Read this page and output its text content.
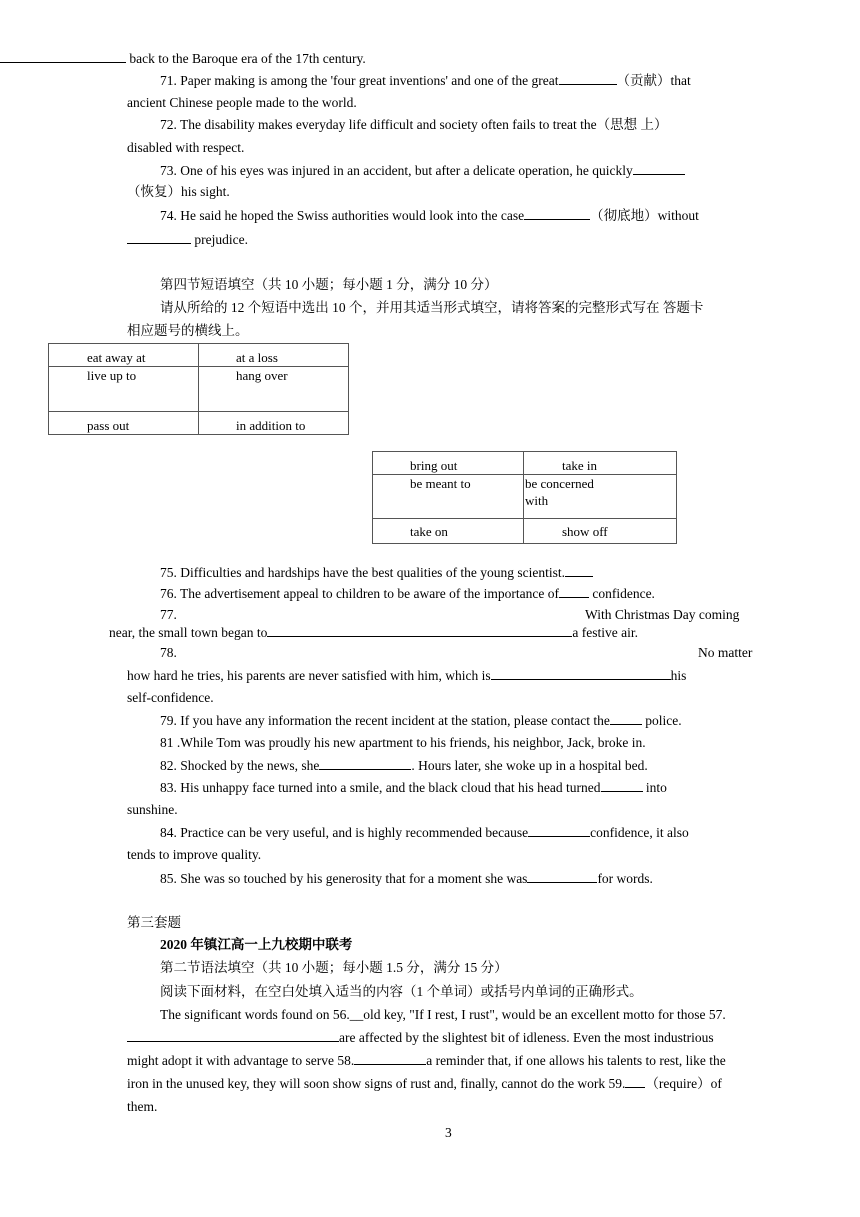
back to the Baroque era of the 17th century.
71. Paper making is among the 'four great inventions' and one of the great	（贡献）that
ancient Chinese people made to the world.
72. The disability makes everyday life difficult and society often fails to treat the（思想 上）
disabled with respect.
73. One of his eyes was injured in an accident, but after a delicate operation, he quickly
（恢复）his sight.
74. He said he hoped the Swiss authorities would look into the case	（彻底地）without
prejudice.
第四节短语填空（共 10 小题；每小题 1 分，满分 10 分）
请从所给的 12 个短语中选出 10 个，并用其适当形式填空，请将答案的完整形式写在 答题卡
相应题号的横线上。
eat away at	at a loss

live up to	hang over

pass out	in addition to
bring out	take in

be meant to	be concerned with

take on	show off
75. Difficulties and hardships have the best qualities of the young scientist.
76. The advertisement appeal to children to be aware of the importance of confidence.
77.	With Christmas Day coming
near, the small town began to	a festive air.
78.	No matter
how hard he tries, his parents are never satisfied with him, which is	his
self-confidence.
79. If you have any information the recent incident at the station, please contact the	police.
81 .While Tom was proudly his new apartment to his friends, his neighbor, Jack, broke in.
82. Shocked by the news, she	. Hours later, she woke up in a hospital bed.
83. His unhappy face turned into a smile, and the black cloud that his head turned	into
sunshine.
84. Practice can be very useful, and is highly recommended because	confidence, it also
tends to improve quality.
85. She was so touched by his generosity that for a moment she was	for words.
第三套题
2020 年镇江高一上九校期中联考
第二节语法填空（共 10 小题；每小题 1.5 分，满分 15 分）
阅读下面材料，在空白处填入适当的内容（1 个单词）或括号内单词的正确形式。
The significant words found on 56.__old key, "If I rest, I rust", would be an excellent motto for those 57.
are affected by the slightest bit of idleness. Even the most industrious
might adopt it with advantage to serve 58.	a reminder that, if one allows his talents to rest, like the
iron in the unused key, they will soon show signs of rust and, finally, cannot do the work 59. （require）of
them.
3
